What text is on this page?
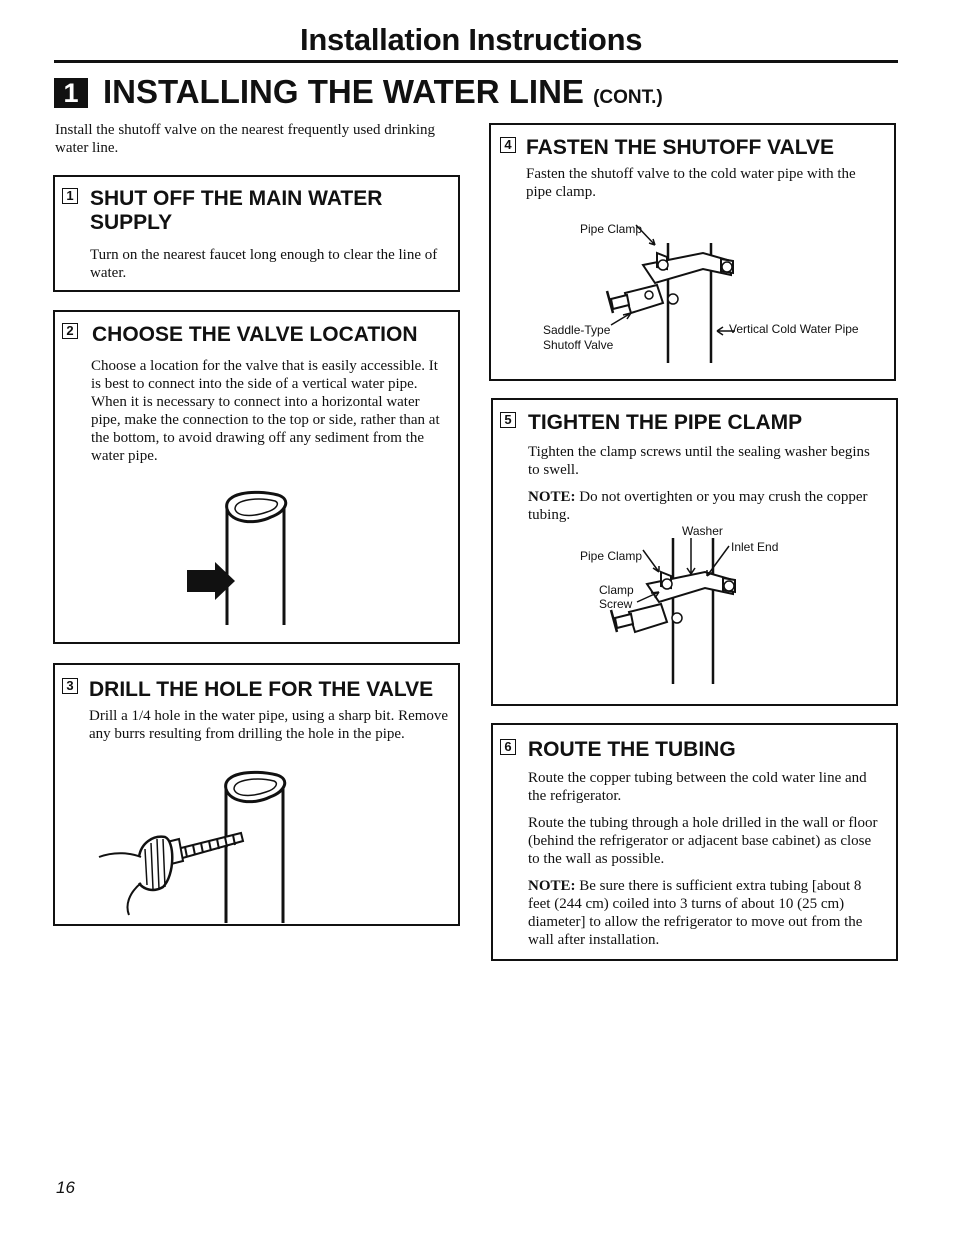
Installation Instructions
1 INSTALLING THE WATER LINE (CONT.)
Install the shutoff valve on the nearest frequently used drinking water line.
1 SHUT OFF THE MAIN WATER SUPPLY
Turn on the nearest faucet long enough to clear the line of water.
2 CHOOSE THE VALVE LOCATION
Choose a location for the valve that is easily accessible. It is best to connect into the side of a vertical water pipe. When it is necessary to connect into a horizontal water pipe, make the connection to the top or side, rather than at the bottom, to avoid drawing off any sediment from the water pipe.
3 DRILL THE HOLE FOR THE VALVE
Drill a 1/4 hole in the water pipe, using a sharp bit. Remove any burrs resulting from drilling the hole in the pipe.
4 FASTEN THE SHUTOFF VALVE
Fasten the shutoff valve to the cold water pipe with the pipe clamp.
Pipe Clamp
Saddle-Type
Shutoff Valve
Vertical Cold Water Pipe
5 TIGHTEN THE PIPE CLAMP
Tighten the clamp screws until the sealing washer begins to swell.
NOTE: Do not overtighten or you may crush the copper tubing.
Washer
Inlet End
Pipe Clamp
Clamp
Screw
6 ROUTE THE TUBING

Route the copper tubing between the cold water line and the refrigerator.

Route the tubing through a hole drilled in the wall or floor (behind the refrigerator or adjacent base cabinet) as close to the wall as possible.

NOTE: Be sure there is sufficient extra tubing [about 8 feet (244 cm) coiled into 3 turns of about 10 (25 cm) diameter] to allow the refrigerator to move out from the wall after installation.

16
